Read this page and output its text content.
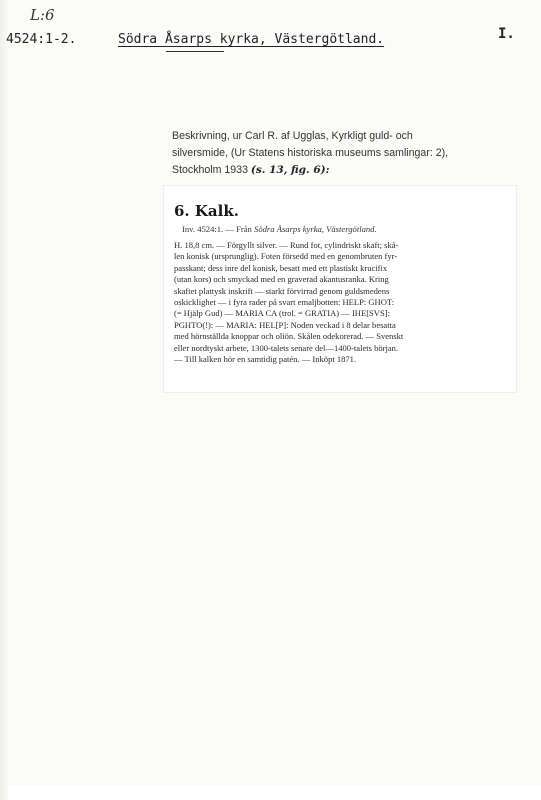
L:6
4524:1-2.	Södra Åsarps kyrka, Västergötland.	I.
Beskrivning, ur Carl R. af Ugglas, Kyrkligt guld- och
silversmide, (Ur Statens historiska museums samlingar: 2),
Stockholm 1933 (s. 13, fig. 6):
6. Kalk.
Inv. 4524:1. — Från Södra Åsarps kyrka, Västergötland.
H. 18,8 cm. — Förgyllt silver. — Rund fot, cylindriskt skaft; skå-
len konisk (ursprunglig). Foten försedd med en genombruten fyr-
passkant; dess inre del konisk, besatt med ett plastiskt krucifix
(utan kors) och smyckad med en graverad akantusranka. Kring
skaftet plattysk inskrift — starkt förvirrad genom guldsmedens
oskicklighet — i fyra rader på svart emaljbotten: HELP: GHOT:
(= Hjälp Gud) — MARIA CA (trol. = GRATIA) — IHE[SVS]:
PGHTO(!): — MARIA: HEL[P]: Noden veckad i 8 delar besatta
med hörnställda knoppar och oliön. Skålen odekorerad. — Svenskt
eller nordtyskt arbete, 1300-talets senare del—1400-talets början.
— Till kalken hör en samtidig patén. — Inköpt 1871.
